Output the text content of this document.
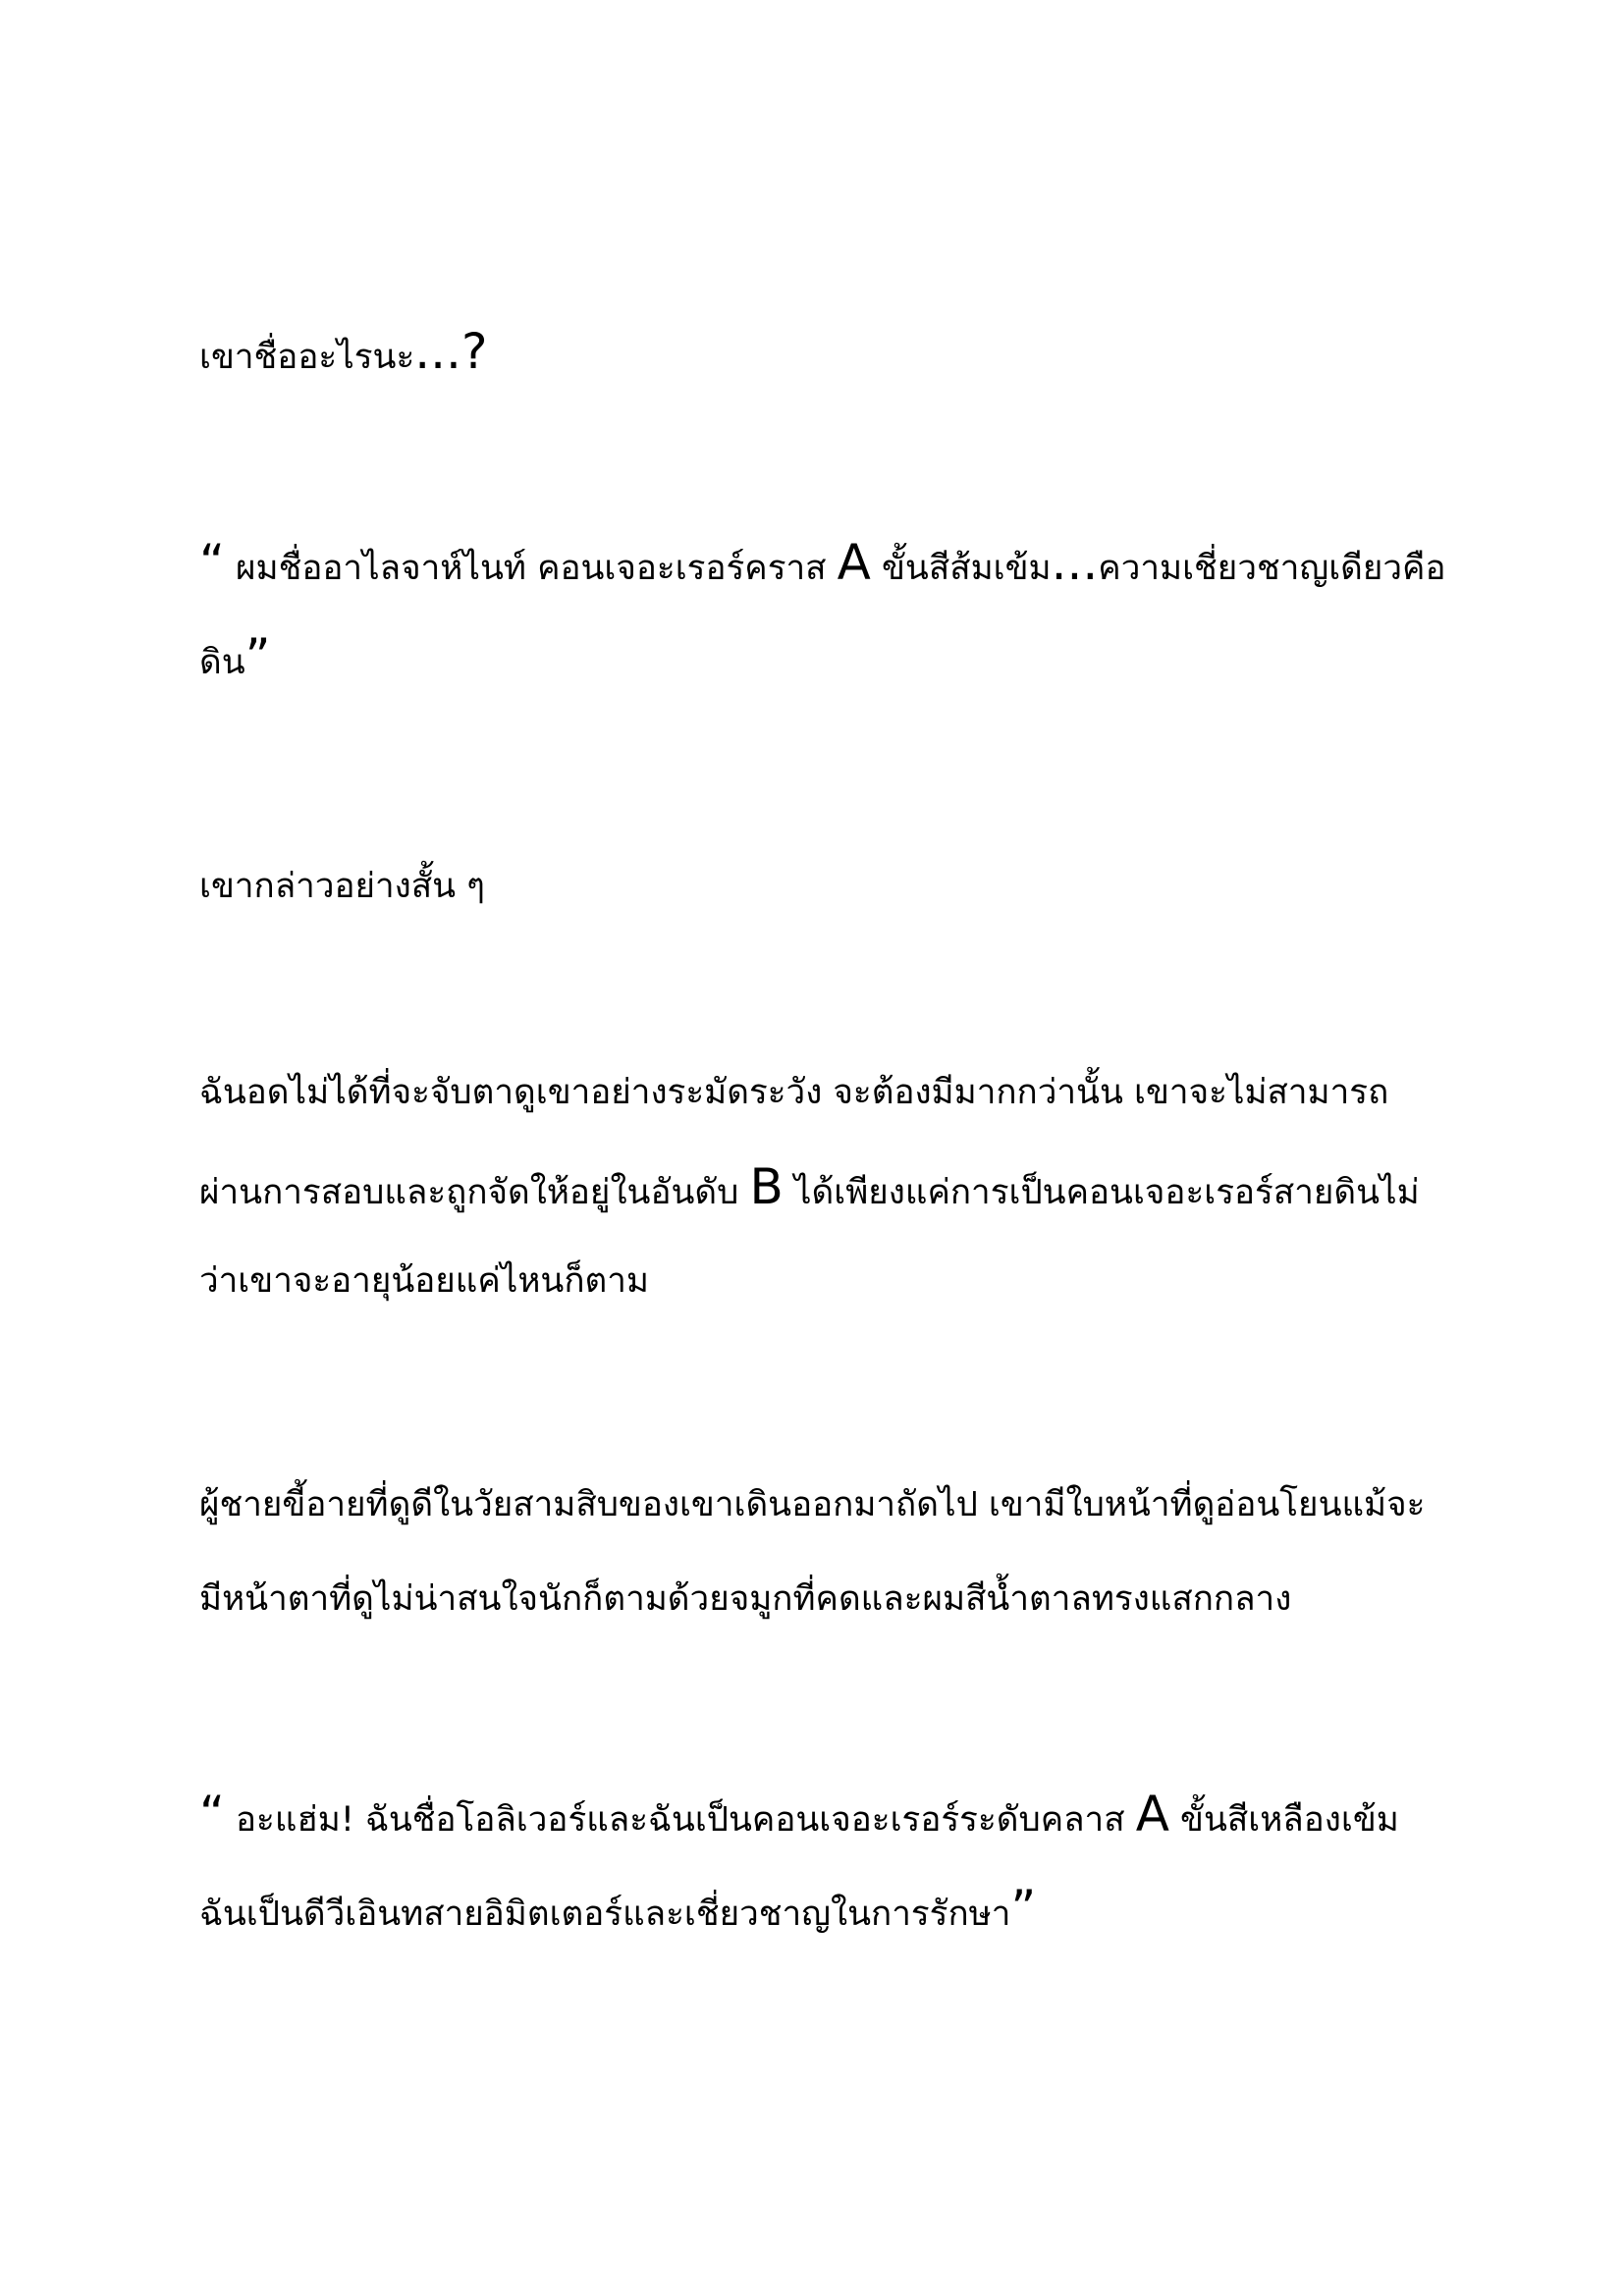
เขาชื่ออะไรนะ...?

“ ผมชื่ออาไลจาห์ไนท์ คอนเจอะเรอร์คราส A ขั้นสีส้มเข้ม...ความเชี่ยวชาญเดียวคือ
ดิน”

เขากล่าวอย่างสั้น ๆ

ฉันอดไม่ได้ที่จะจับตาดูเขาอย่างระมัดระวัง จะต้องมีมากกว่านั้น เขาจะไม่สามารถ
ผ่านการสอบและถูกจัดให้อยู่ในอันดับ B ได้เพียงแค่การเป็นคอนเจอะเรอร์สายดินไม่
ว่าเขาจะอายุน้อยแค่ไหนก็ตาม

ผู้ชายขี้อายที่ดูดีในวัยสามสิบของเขาเดินออกมาถัดไป เขามีใบหน้าที่ดูอ่อนโยนแม้จะ
มีหน้าตาที่ดูไม่น่าสนใจนักก็ตามด้วยจมูกที่คดและผมสีน้ำตาลทรงแสกกลาง

“ อะแฮ่ม! ฉันชื่อโอลิเวอร์และฉันเป็นคอนเจอะเรอร์ระดับคลาส A ขั้นสีเหลืองเข้ม
ฉันเป็นดีวีเอินทสายอิมิตเตอร์และเชี่ยวชาญในการรักษา”
